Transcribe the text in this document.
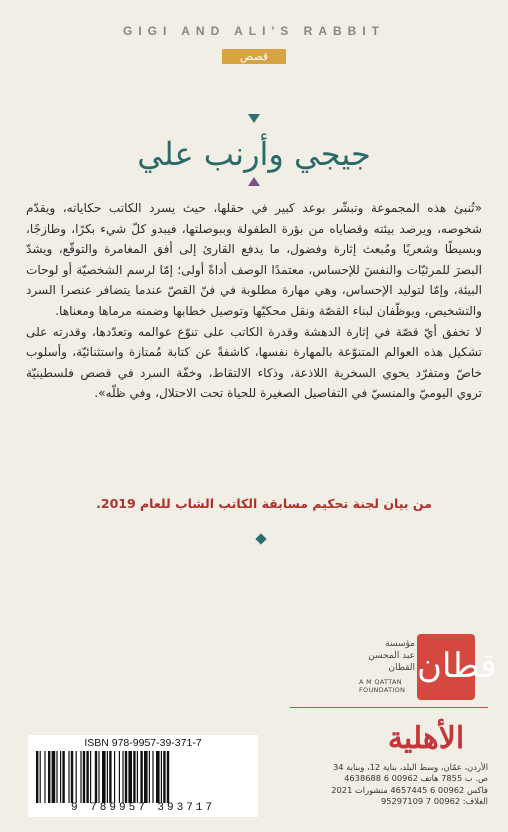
GIGI AND ALI'S RABBIT
قصص
جيجي وأرنب علي

«تُنبئ هذه المجموعة وتبشّر بوعد كبير في حقلها، حيث يسرد الكاتب حكاياته، ويقدّم شخوصه، ويرصد بيئته وقضاياه من بؤرة الطفولة وببوصلتها، فيبدو كلّ شيء بكرًا، وطازجًا، وبسيطًا وشعريًا ومُبعث إثارة وفضول، ما يدفع القارئ إلى أفق المغامرة والتوقّع، ويشدّ البصرَ للمرئيّات والنفسَ للإحساس، معتمدًا الوصف أداةً أولى؛ إمّا لرسم الشخصيّة أو لوحات البيئة، وإمّا لتوليد الإحساس، وهي مهارة مطلوبة في فنّ القصّ عندما يتضافر عنصرا السرد والتشخيص، ويوظّفان لبناء القصّة ونقل محكيّها وتوصيل خطابها وضمنه مرماها ومعناها.

لا تخفق أيّ قصّة في إثارة الدهشة وقدرة الكاتب على تنوّع عوالمه وتعدّدها، وقدرته على تشكيل هذه العوالم المتنوّعة بالمهارة نفسها، كاشفةً عن كتابة مُمتازة واستثنائيّة، وأسلوب خاصّ ومتفرّد يحوي السخرية اللاذعة، وذكاء الالتقاط، وخفّة السرد في قصص فلسطينيّة تروي اليوميّ والمنسيّ في التفاصيل الصغيرة للحياة تحت الاحتلال، وفي ظلّه».

من بيان لجنة تحكيم مسابقة الكاتب الشاب للعام 2019.
مؤسسة
عبد المحسن
القطان
A M QATTAN
FOUNDATION
قطان
ISBN 978-9957-39-371-7
9 789957 393717
الأهلية
الأردن، عمّان، وسط البلد، بناية 12، وبناية 34
ص. ب 7855 هاتف 00962 6 4638688
فاكس 00962 6 4657445 منشورات 2021
الغلاف: 00962 7 95297109
